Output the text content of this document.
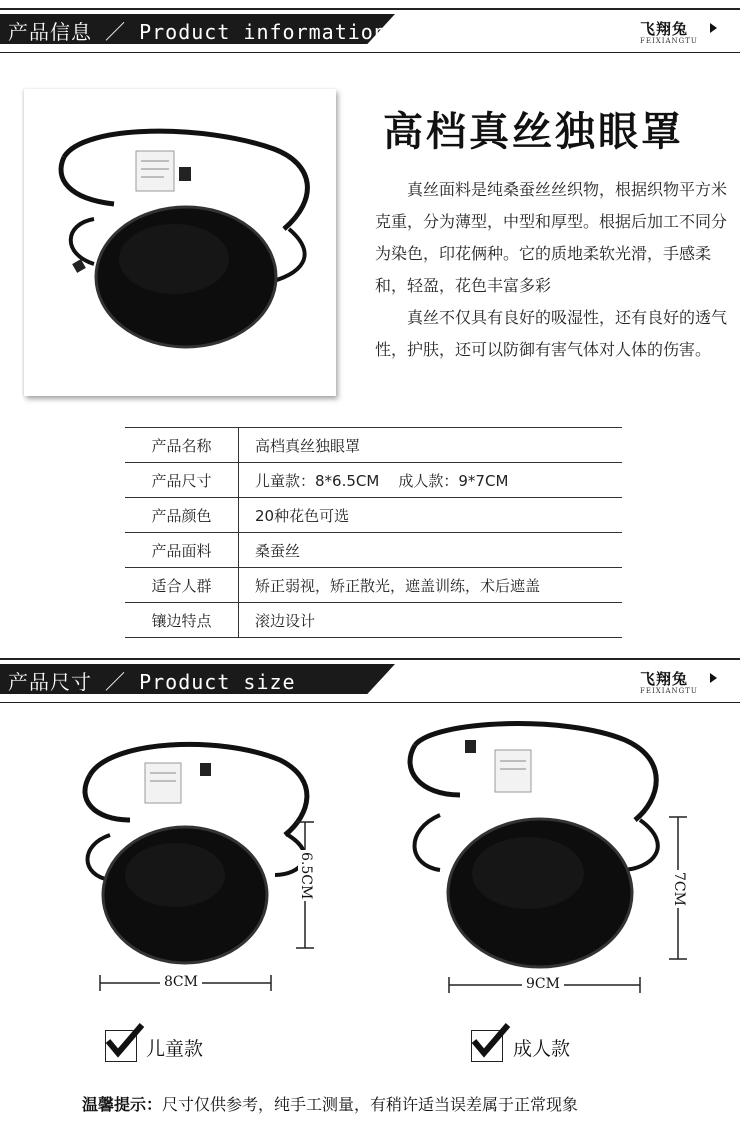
产品信息 ／ Product information	飞翔兔
FEIXIANGTU
高档真丝独眼罩

真丝面料是纯桑蚕丝丝织物，根据织物平方米克重，分为薄型，中型和厚型。根据后加工不同分为染色，印花俩种。它的质地柔软光滑，手感柔和，轻盈，花色丰富多彩

真丝不仅具有良好的吸湿性，还有良好的透气性，护肤，还可以防御有害气体对人体的伤害。

产品名称	高档真丝独眼罩
产品尺寸	儿童款：8*6.5CM    成人款：9*7CM
产品颜色	20种花色可选
产品面料	桑蚕丝
适合人群	矫正弱视，矫正散光，遮盖训练，术后遮盖
镶边特点	滚边设计
产品尺寸 ／ Product size	飞翔兔
FEIXIANGTU
6.5CM
8CM
7CM
9CM
儿童款	成人款
温馨提示：尺寸仅供参考，纯手工测量，有稍许适当误差属于正常现象
